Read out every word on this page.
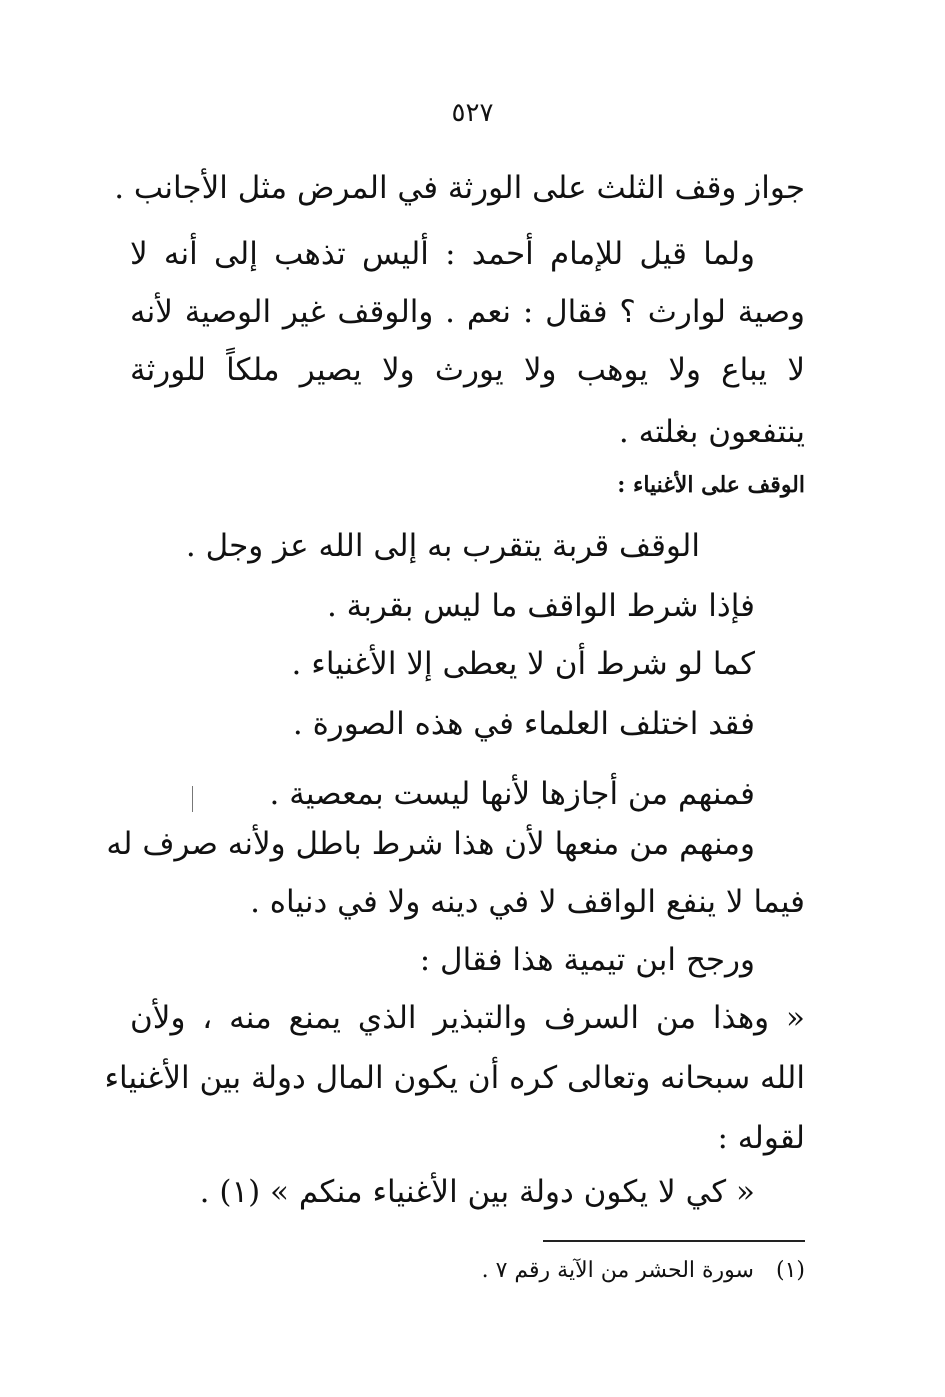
٥٢٧
جواز وقف الثلث على الورثة في المرض مثل الأجانب .
ولما قيل للإمام أحمد : أليس تذهب إلى أنه لا
وصية لوارث ؟ فقال : نعم . والوقف غير الوصية لأنه
لا يباع ولا يوهب ولا يورث ولا يصير ملكاً للورثة
ينتفعون بغلته .
الوقف على الأغنياء :
الوقف قربة يتقرب به إلى الله عز وجل .
فإذا شرط الواقف ما ليس بقربة .
كما لو شرط أن لا يعطى إلا الأغنياء .
فقد اختلف العلماء في هذه الصورة .
فمنهم من أجازها لأنها ليست بمعصية .
ومنهم من منعها لأن هذا شرط باطل ولأنه صرف له
فيما لا ينفع الواقف لا في دينه ولا في دنياه .
ورجح ابن تيمية هذا فقال :
« وهذا من السرف والتبذير الذي يمنع منه ، ولأن
الله سبحانه وتعالى كره أن يكون المال دولة بين الأغنياء
لقوله :
« كي لا يكون دولة بين الأغنياء منكم » (١) .
(١)سورة الحشر من الآية رقم ٧ .
